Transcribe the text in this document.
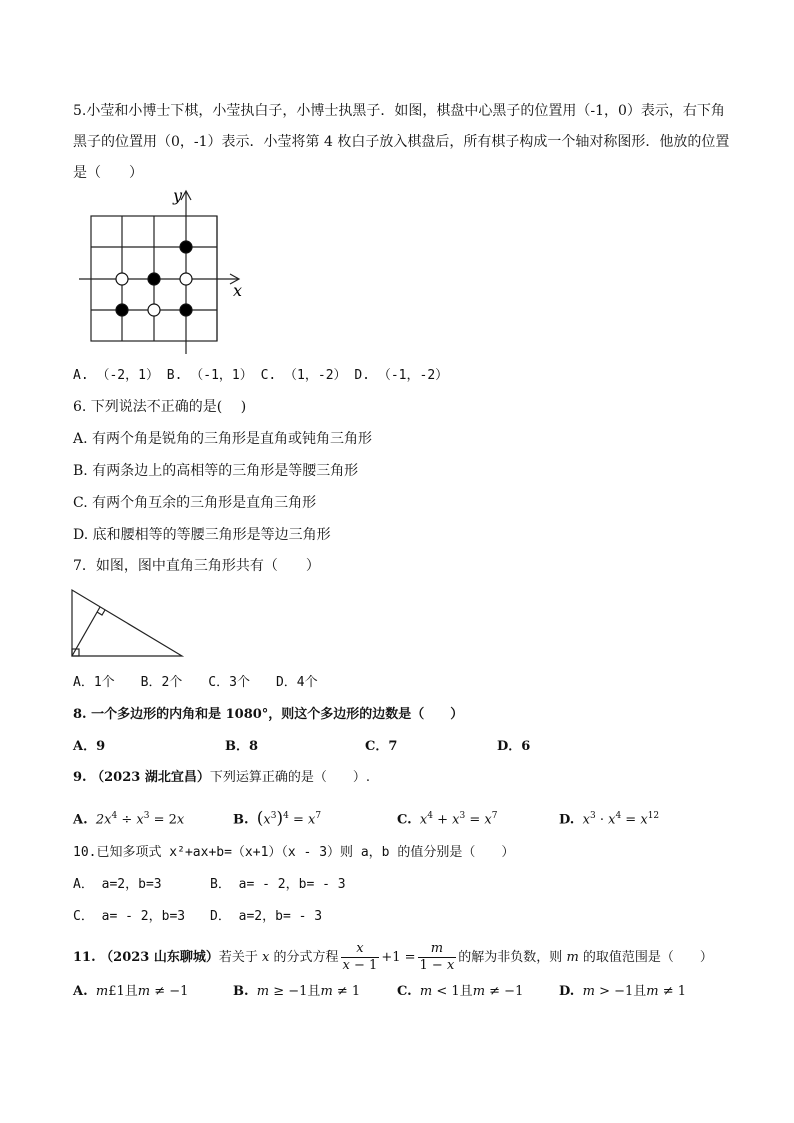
5.小莹和小博士下棋，小莹执白子，小博士执黑子．如图，棋盘中心黑子的位置用（-1，0）表示，右下角
黑子的位置用（0，-1）表示．小莹将第 4 枚白子放入棋盘后，所有棋子构成一个轴对称图形．他放的位置
是（　　）
y
x
A. （-2，1） B. （-1，1） C. （1，-2） D. （-1，-2）
6. 下列说法不正确的是(　 )
A. 有两个角是锐角的三角形是直角或钝角三角形
B. 有两条边上的高相等的三角形是等腰三角形
C. 有两个角互余的三角形是直角三角形
D. 底和腰相等的等腰三角形是等边三角形
7．如图，图中直角三角形共有（　　）
A．1个　　B．2个　　C．3个　　D．4个
8. 一个多边形的内角和是 1080°，则这个多边形的边数是（　　）
A．9	B．8	C．7	D．6
9. （2023 湖北宜昌）下列运算正确的是（　　）.
A. $2x^4 \div x^3 = 2x$	B. $(x^3)^4 = x^7$	C. $x^4 + x^3 = x^7$	D. $x^3 \cdot x^4 = x^{12}$
10.已知多项式 x²+ax+b=（x+1）（x - 3）则 a，b 的值分别是（　　）
A． a=2，b=3	B． a= - 2，b= - 3
C． a= - 2，b=3 D． a=2，b= - 3
11. （2023 山东聊城）若关于 x 的分式方程 $\frac{x}{x - 1} +1 = \frac{m}{1 - x}$ 的解为非负数，则 m 的取值范围是（　　）
A. m£1且m ≠ −1	B. m ≥ −1且m ≠ 1	C. m < 1且m ≠ −1	D. m > −1且m ≠ 1
